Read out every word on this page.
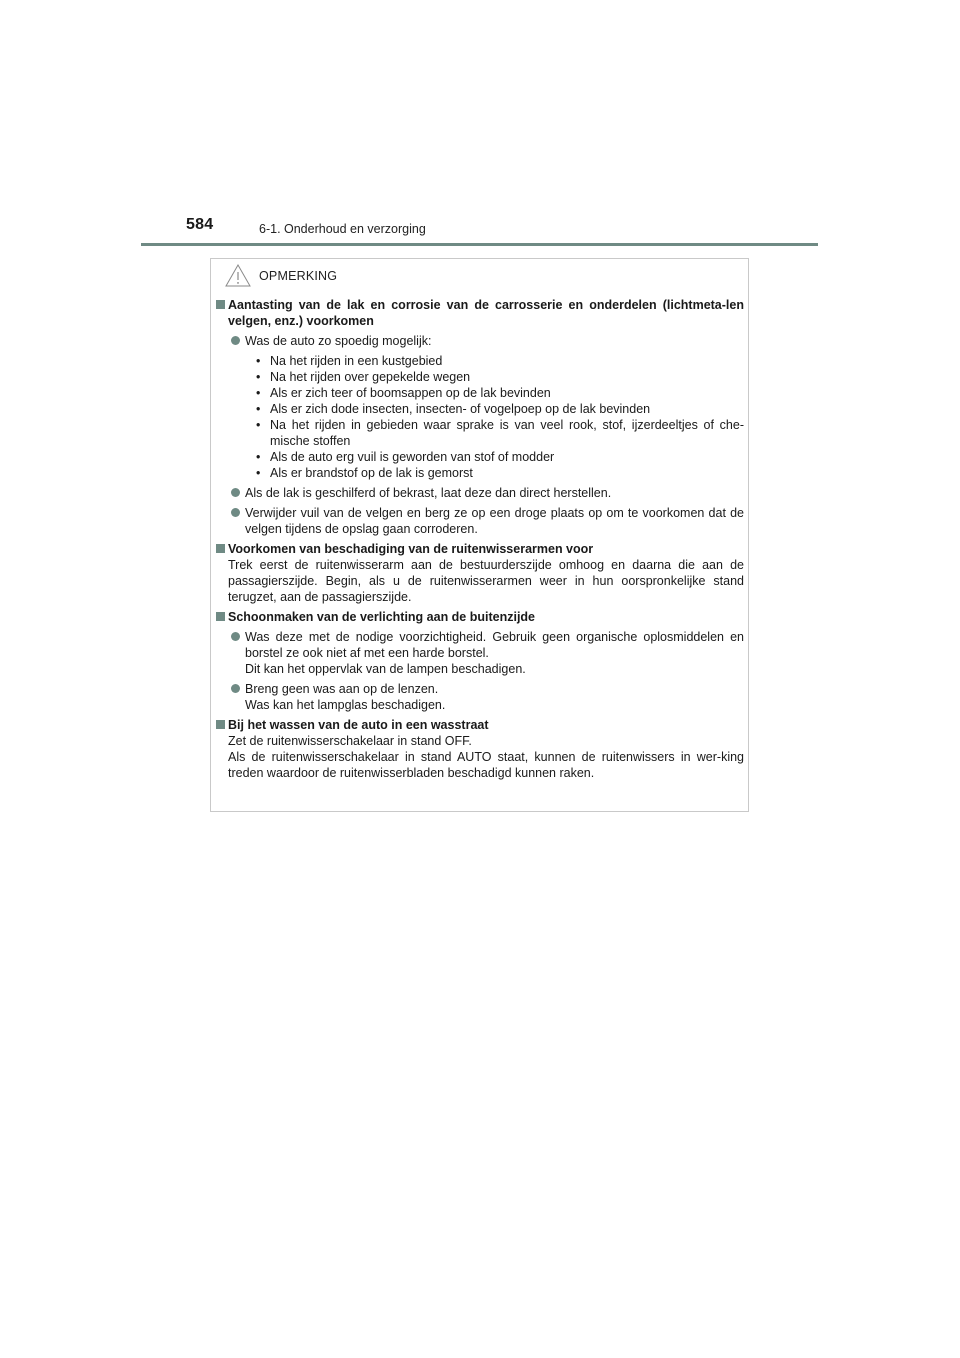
584	6-1. Onderhoud en verzorging
OPMERKING
Aantasting van de lak en corrosie van de carrosserie en onderdelen (lichtmeta-len velgen, enz.) voorkomen
Was de auto zo spoedig mogelijk:
• Na het rijden in een kustgebied
• Na het rijden over gepekelde wegen
• Als er zich teer of boomsappen op de lak bevinden
• Als er zich dode insecten, insecten- of vogelpoep op de lak bevinden
• Na het rijden in gebieden waar sprake is van veel rook, stof, ijzerdeeltjes of che-mische stoffen
• Als de auto erg vuil is geworden van stof of modder
• Als er brandstof op de lak is gemorst
Als de lak is geschilferd of bekrast, laat deze dan direct herstellen.
Verwijder vuil van de velgen en berg ze op een droge plaats op om te voorkomen dat de velgen tijdens de opslag gaan corroderen.
Voorkomen van beschadiging van de ruitenwisserarmen voor
Trek eerst de ruitenwisserarm aan de bestuurderszijde omhoog en daarna die aan de passagierszijde. Begin, als u de ruitenwisserarmen weer in hun oorspronkelijke stand terugzet, aan de passagierszijde.
Schoonmaken van de verlichting aan de buitenzijde
Was deze met de nodige voorzichtigheid. Gebruik geen organische oplosmiddelen en borstel ze ook niet af met een harde borstel.
Dit kan het oppervlak van de lampen beschadigen.
Breng geen was aan op de lenzen.
Was kan het lampglas beschadigen.
Bij het wassen van de auto in een wasstraat
Zet de ruitenwisserschakelaar in stand OFF.
Als de ruitenwisserschakelaar in stand AUTO staat, kunnen de ruitenwissers in wer-king treden waardoor de ruitenwisserbladen beschadigd kunnen raken.
